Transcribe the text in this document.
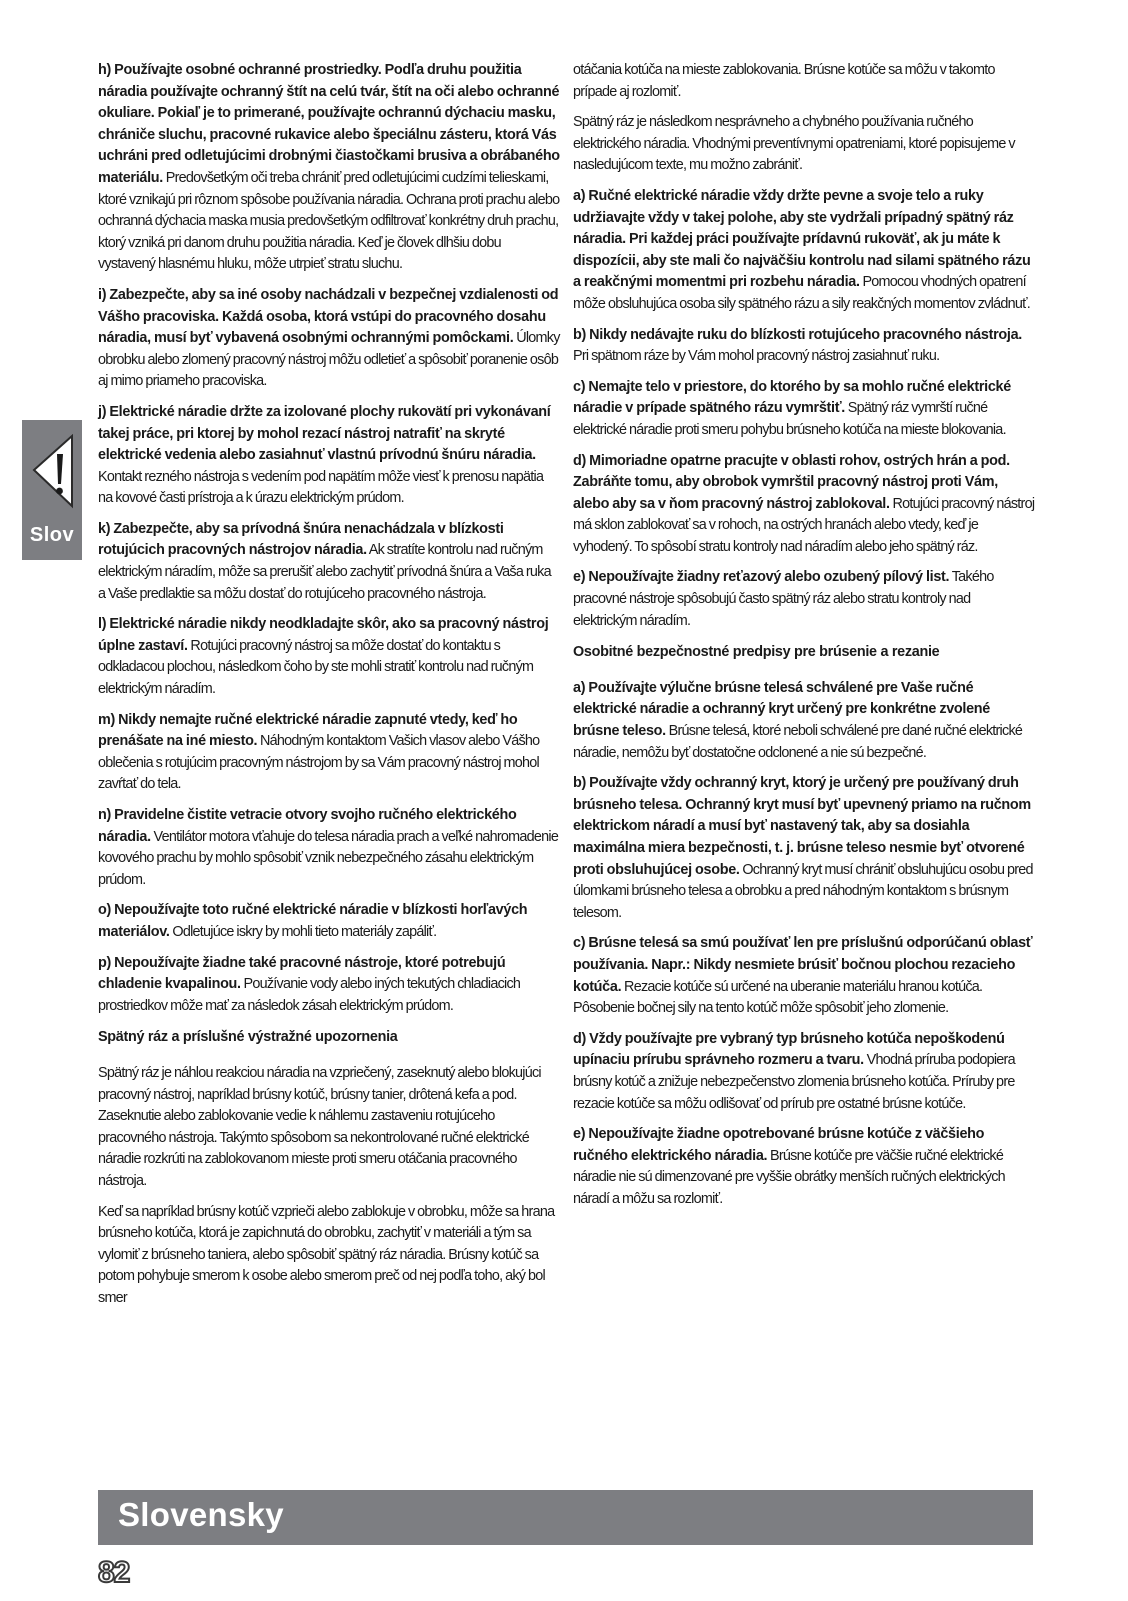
Slov

h) Používajte osobné ochranné prostriedky. Podľa druhu použitia náradia používajte ochranný štít na celú tvár, štít na oči alebo ochranné okuliare. Pokiaľ je to primerané, používajte ochrannú dýchaciu masku, chrániče sluchu, pracovné rukavice alebo špeciálnu zásteru, ktorá Vás uchráni pred odletujúcimi drobnými čiastočkami brusiva a obrábaného materiálu. Predovšetkým oči treba chrániť pred odletujúcimi cudzími telieskami, ktoré vznikajú pri rôznom spôsobe používania náradia. Ochrana proti prachu alebo ochranná dýchacia maska musia predovšetkým odfiltrovať konkrétny druh prachu, ktorý vzniká pri danom druhu použitia náradia. Keď je človek dlhšiu dobu vystavený hlasnému hluku, môže utrpieť stratu sluchu.

i) Zabezpečte, aby sa iné osoby nachádzali v bezpečnej vzdialenosti od Vášho pracoviska. Každá osoba, ktorá vstúpi do pracovného dosahu náradia, musí byť vybavená osobnými ochrannými pomôckami. Úlomky obrobku alebo zlomený pracovný nástroj môžu odletieť a spôsobiť poranenie osôb aj mimo priameho pracoviska.

j) Elektrické náradie držte za izolované plochy rukovätí pri vykonávaní takej práce, pri ktorej by mohol rezací nástroj natrafiť na skryté elektrické vedenia alebo zasiahnuť vlastnú prívodnú šnúru náradia. Kontakt rezného nástroja s vedením pod napätím môže viesť k prenosu napätia na kovové časti prístroja a k úrazu elektrickým prúdom.

k) Zabezpečte, aby sa prívodná šnúra nenachádzala v blízkosti rotujúcich pracovných nástrojov náradia. Ak stratíte kontrolu nad ručným elektrickým náradím, môže sa prerušiť alebo zachytiť prívodná šnúra a Vaša ruka a Vaše predlaktie sa môžu dostať do rotujúceho pracovného nástroja.

l) Elektrické náradie nikdy neodkladajte skôr, ako sa pracovný nástroj úplne zastaví. Rotujúci pracovný nástroj sa môže dostať do kontaktu s odkladacou plochou, následkom čoho by ste mohli stratiť kontrolu nad ručným elektrickým náradím.

m) Nikdy nemajte ručné elektrické náradie zapnuté vtedy, keď ho prenášate na iné miesto. Náhodným kontaktom Vašich vlasov alebo Vášho oblečenia s rotujúcim pracovným nástrojom by sa Vám pracovný nástroj mohol zavŕtať do tela.

n) Pravidelne čistite vetracie otvory svojho ručného elektrického náradia. Ventilátor motora vťahuje do telesa náradia prach a veľké nahromadenie kovového prachu by mohlo spôsobiť vznik nebezpečného zásahu elektrickým prúdom.

o) Nepoužívajte toto ručné elektrické náradie v blízkosti horľavých materiálov. Odletujúce iskry by mohli tieto materiály zapáliť.

p) Nepoužívajte žiadne také pracovné nástroje, ktoré potrebujú chladenie kvapalinou. Používanie vody alebo iných tekutých chladiacich prostriedkov môže mať za následok zásah elektrickým prúdom.

Spätný ráz a príslušné výstražné upozornenia

Spätný ráz je náhlou reakciou náradia na vzpriečený, zaseknutý alebo blokujúci pracovný nástroj, napríklad brúsny kotúč, brúsny tanier, drôtená kefa a pod. Zaseknutie alebo zablokovanie vedie k náhlemu zastaveniu rotujúceho pracovného nástroja. Takýmto spôsobom sa nekontrolované ručné elektrické náradie rozkrúti na zablokovanom mieste proti smeru otáčania pracovného nástroja.

Keď sa napríklad brúsny kotúč vzprieči alebo zablokuje v obrobku, môže sa hrana brúsneho kotúča, ktorá je zapichnutá do obrobku, zachytiť v materiáli a tým sa vylomiť z brúsneho taniera, alebo spôsobiť spätný ráz náradia. Brúsny kotúč sa potom pohybuje smerom k osobe alebo smerom preč od nej podľa toho, aký bol smer

otáčania kotúča na mieste zablokovania. Brúsne kotúče sa môžu v takomto prípade aj rozlomiť.

Spätný ráz je následkom nesprávneho a chybného používania ručného elektrického náradia. Vhodnými preventívnymi opatreniami, ktoré popisujeme v nasledujúcom texte, mu možno zabrániť.

a) Ručné elektrické náradie vždy držte pevne a svoje telo a ruky udržiavajte vždy v takej polohe, aby ste vydržali prípadný spätný ráz náradia. Pri každej práci používajte prídavnú rukoväť, ak ju máte k dispozícii, aby ste mali čo najväčšiu kontrolu nad silami spätného rázu a reakčnými momentmi pri rozbehu náradia. Pomocou vhodných opatrení môže obsluhujúca osoba sily spätného rázu a sily reakčných momentov zvládnuť.

b) Nikdy nedávajte ruku do blízkosti rotujúceho pracovného nástroja. Pri spätnom ráze by Vám mohol pracovný nástroj zasiahnuť ruku.

c) Nemajte telo v priestore, do ktorého by sa mohlo ručné elektrické náradie v prípade spätného rázu vymrštiť. Spätný ráz vymrští ručné elektrické náradie proti smeru pohybu brúsneho kotúča na mieste blokovania.

d) Mimoriadne opatrne pracujte v oblasti rohov, ostrých hrán a pod. Zabráňte tomu, aby obrobok vymrštil pracovný nástroj proti Vám, alebo aby sa v ňom pracovný nástroj zablokoval. Rotujúci pracovný nástroj má sklon zablokovať sa v rohoch, na ostrých hranách alebo vtedy, keď je vyhodený. To spôsobí stratu kontroly nad náradím alebo jeho spätný ráz.

e) Nepoužívajte žiadny reťazový alebo ozubený pílový list. Takého pracovné nástroje spôsobujú často spätný ráz alebo stratu kontroly nad elektrickým náradím.

Osobitné bezpečnostné predpisy pre brúsenie a rezanie

a) Používajte výlučne brúsne telesá schválené pre Vaše ručné elektrické náradie a ochranný kryt určený pre konkrétne zvolené brúsne teleso. Brúsne telesá, ktoré neboli schválené pre dané ručné elektrické náradie, nemôžu byť dostatočne odclonené a nie sú bezpečné.

b) Používajte vždy ochranný kryt, ktorý je určený pre používaný druh brúsneho telesa. Ochranný kryt musí byť upevnený priamo na ručnom elektrickom náradí a musí byť nastavený tak, aby sa dosiahla maximálna miera bezpečnosti, t. j. brúsne teleso nesmie byť otvorené proti obsluhujúcej osobe. Ochranný kryt musí chrániť obsluhujúcu osobu pred úlomkami brúsneho telesa a obrobku a pred náhodným kontaktom s brúsnym telesom.

c) Brúsne telesá sa smú používať len pre príslušnú odporúčanú oblasť používania. Napr.: Nikdy nesmiete brúsiť bočnou plochou rezacieho kotúča. Rezacie kotúče sú určené na uberanie materiálu hranou kotúča. Pôsobenie bočnej sily na tento kotúč môže spôsobiť jeho zlomenie.

d) Vždy používajte pre vybraný typ brúsneho kotúča nepoškodenú upínaciu prírubu správneho rozmeru a tvaru. Vhodná príruba podopiera brúsny kotúč a znižuje nebezpečenstvo zlomenia brúsneho kotúča. Príruby pre rezacie kotúče sa môžu odlišovať od prírub pre ostatné brúsne kotúče.

e) Nepoužívajte žiadne opotrebované brúsne kotúče z väčšieho ručného elektrického náradia. Brúsne kotúče pre väčšie ručné elektrické náradie nie sú dimenzované pre vyššie obrátky menších ručných elektrických náradí a môžu sa rozlomiť.

Slovensky
82
